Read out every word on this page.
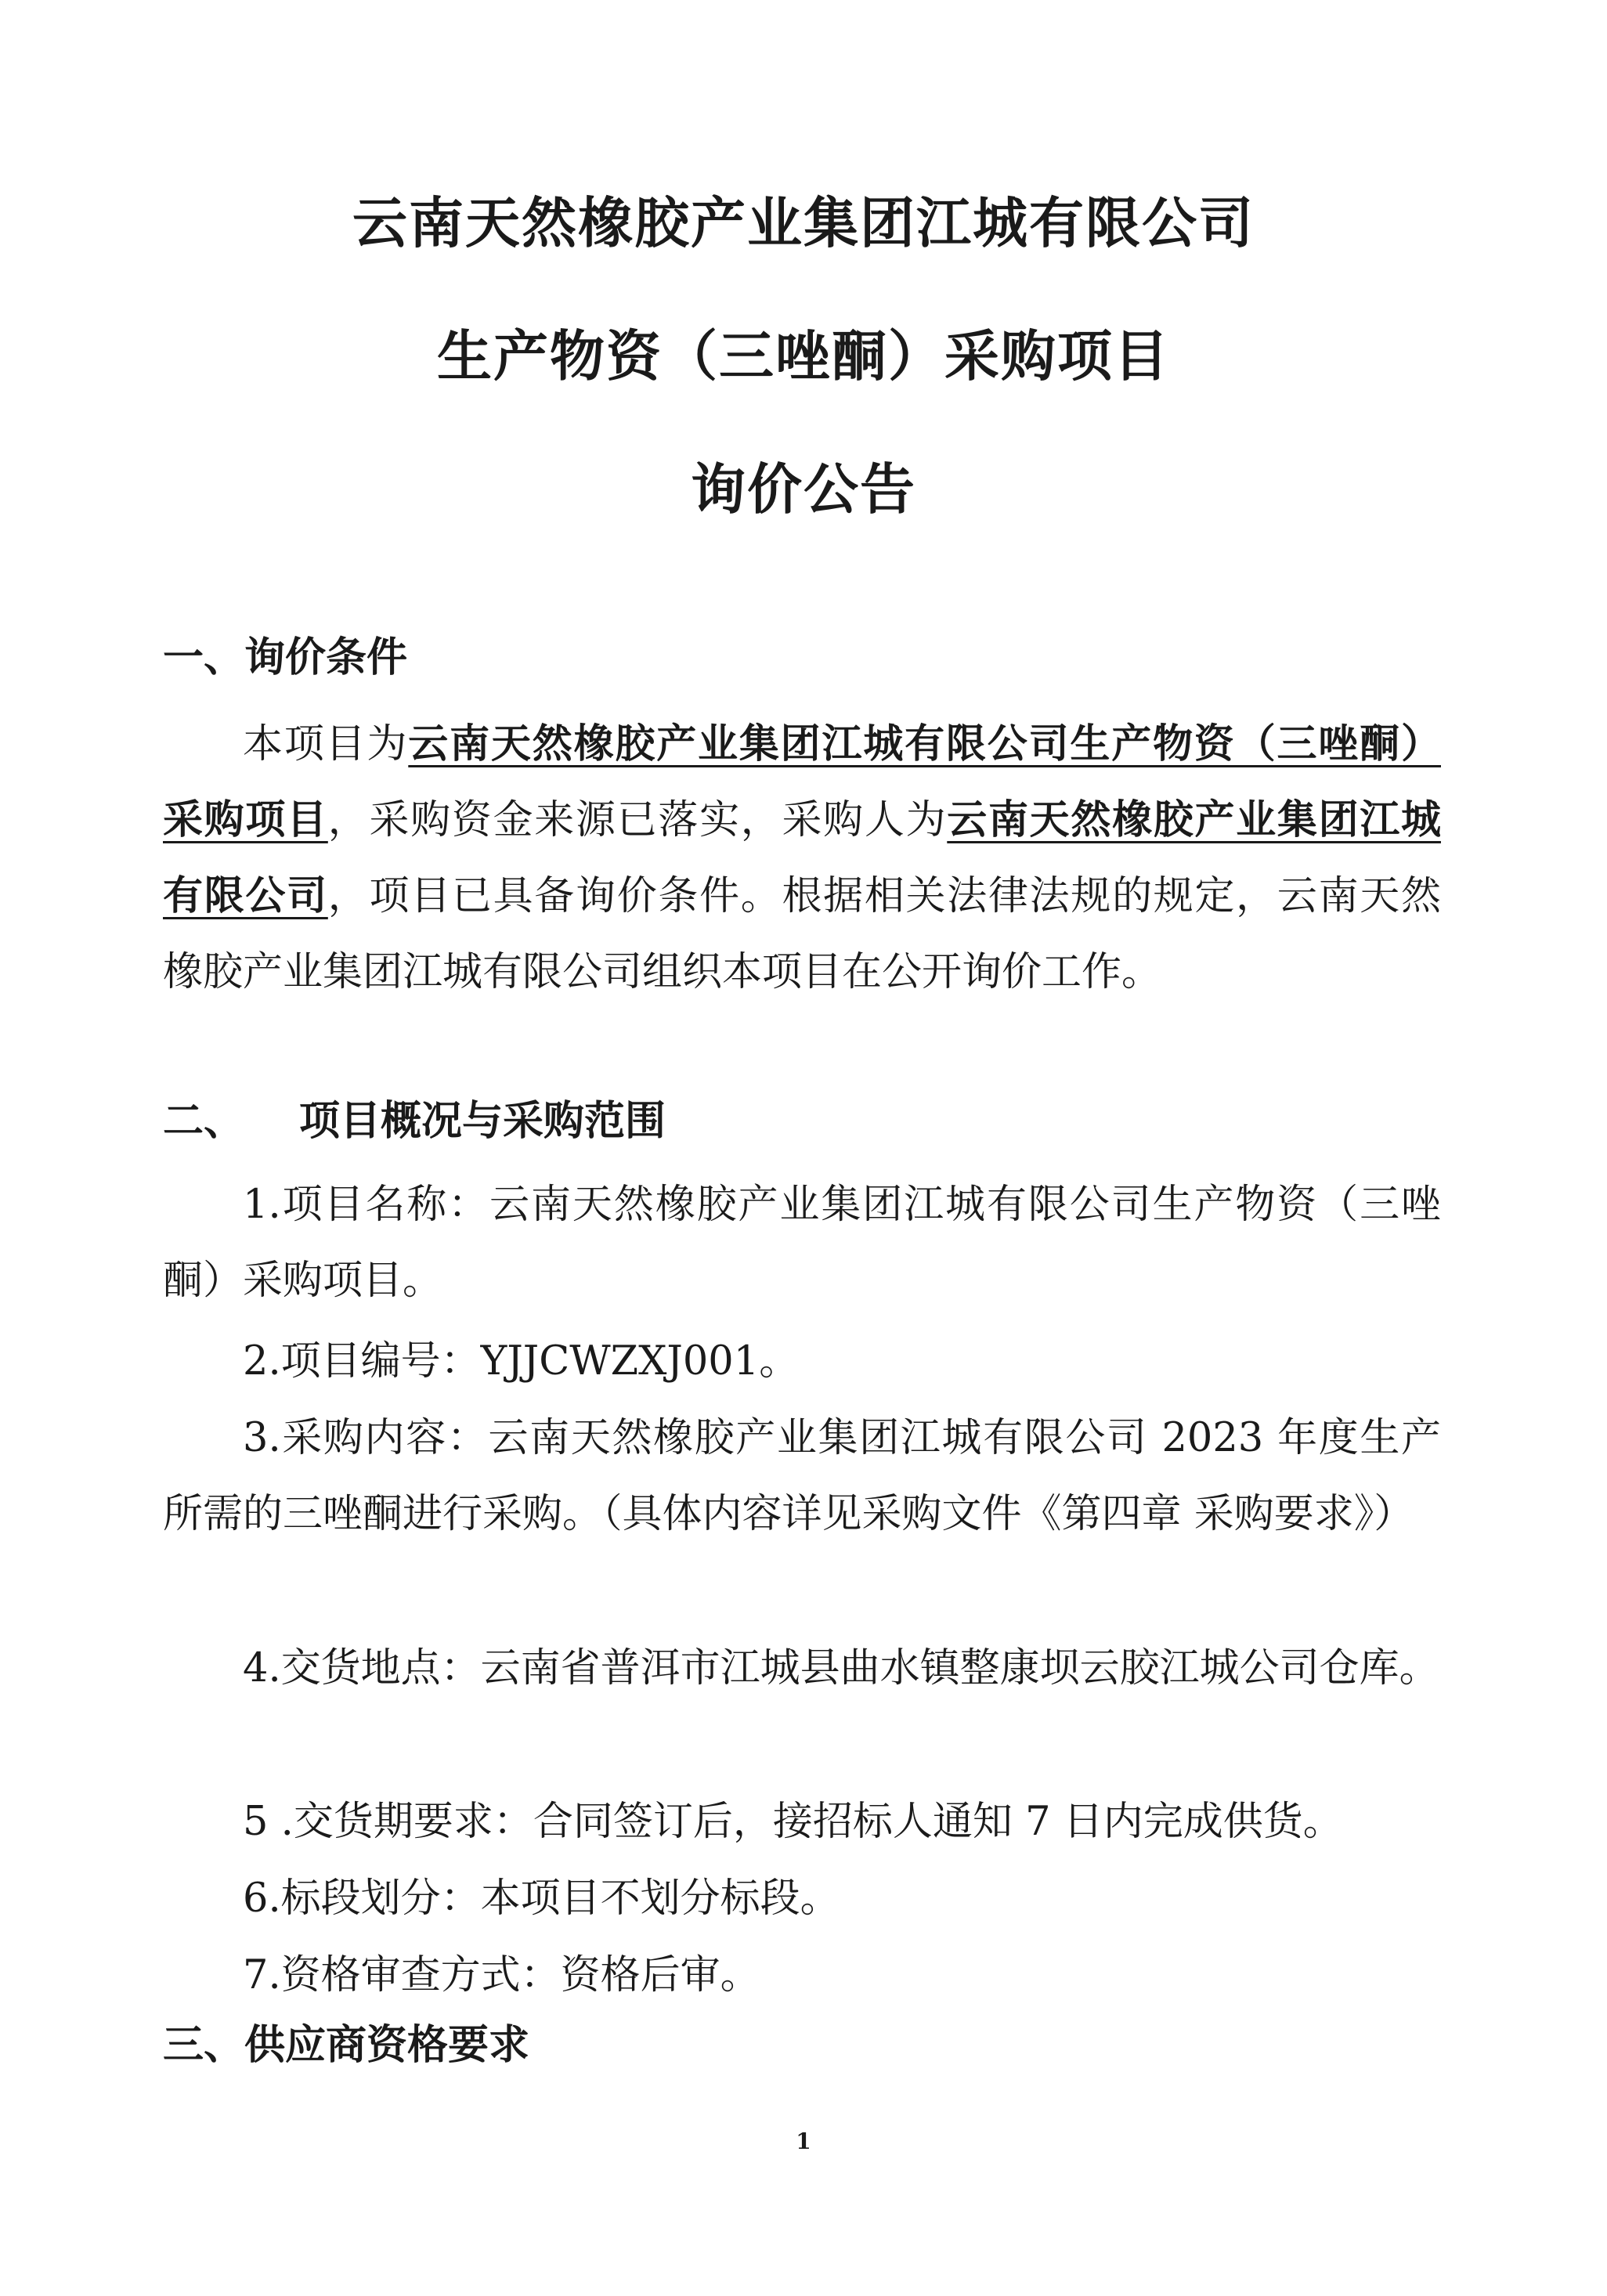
云南天然橡胶产业集团江城有限公司
生产物资（三唑酮）采购项目
询价公告
一、询价条件

本项目为云南天然橡胶产业集团江城有限公司生产物资（三唑酮）采购项目，采购资金来源已落实，采购人为云南天然橡胶产业集团江城有限公司，项目已具备询价条件。根据相关法律法规的规定，云南天然橡胶产业集团江城有限公司组织本项目在公开询价工作。

二、 项目概况与采购范围

1.项目名称：云南天然橡胶产业集团江城有限公司生产物资（三唑酮）采购项目。

2.项目编号：YJJCWZXJ001。

3.采购内容：云南天然橡胶产业集团江城有限公司 2023 年度生产所需的三唑酮进行采购。（具体内容详见采购文件《第四章 采购要求》）

4.交货地点：云南省普洱市江城县曲水镇整康坝云胶江城公司仓库。

5 .交货期要求：合同签订后，接招标人通知 7 日内完成供货。

6.标段划分：本项目不划分标段。

7.资格审查方式：资格后审。

三、供应商资格要求
1
